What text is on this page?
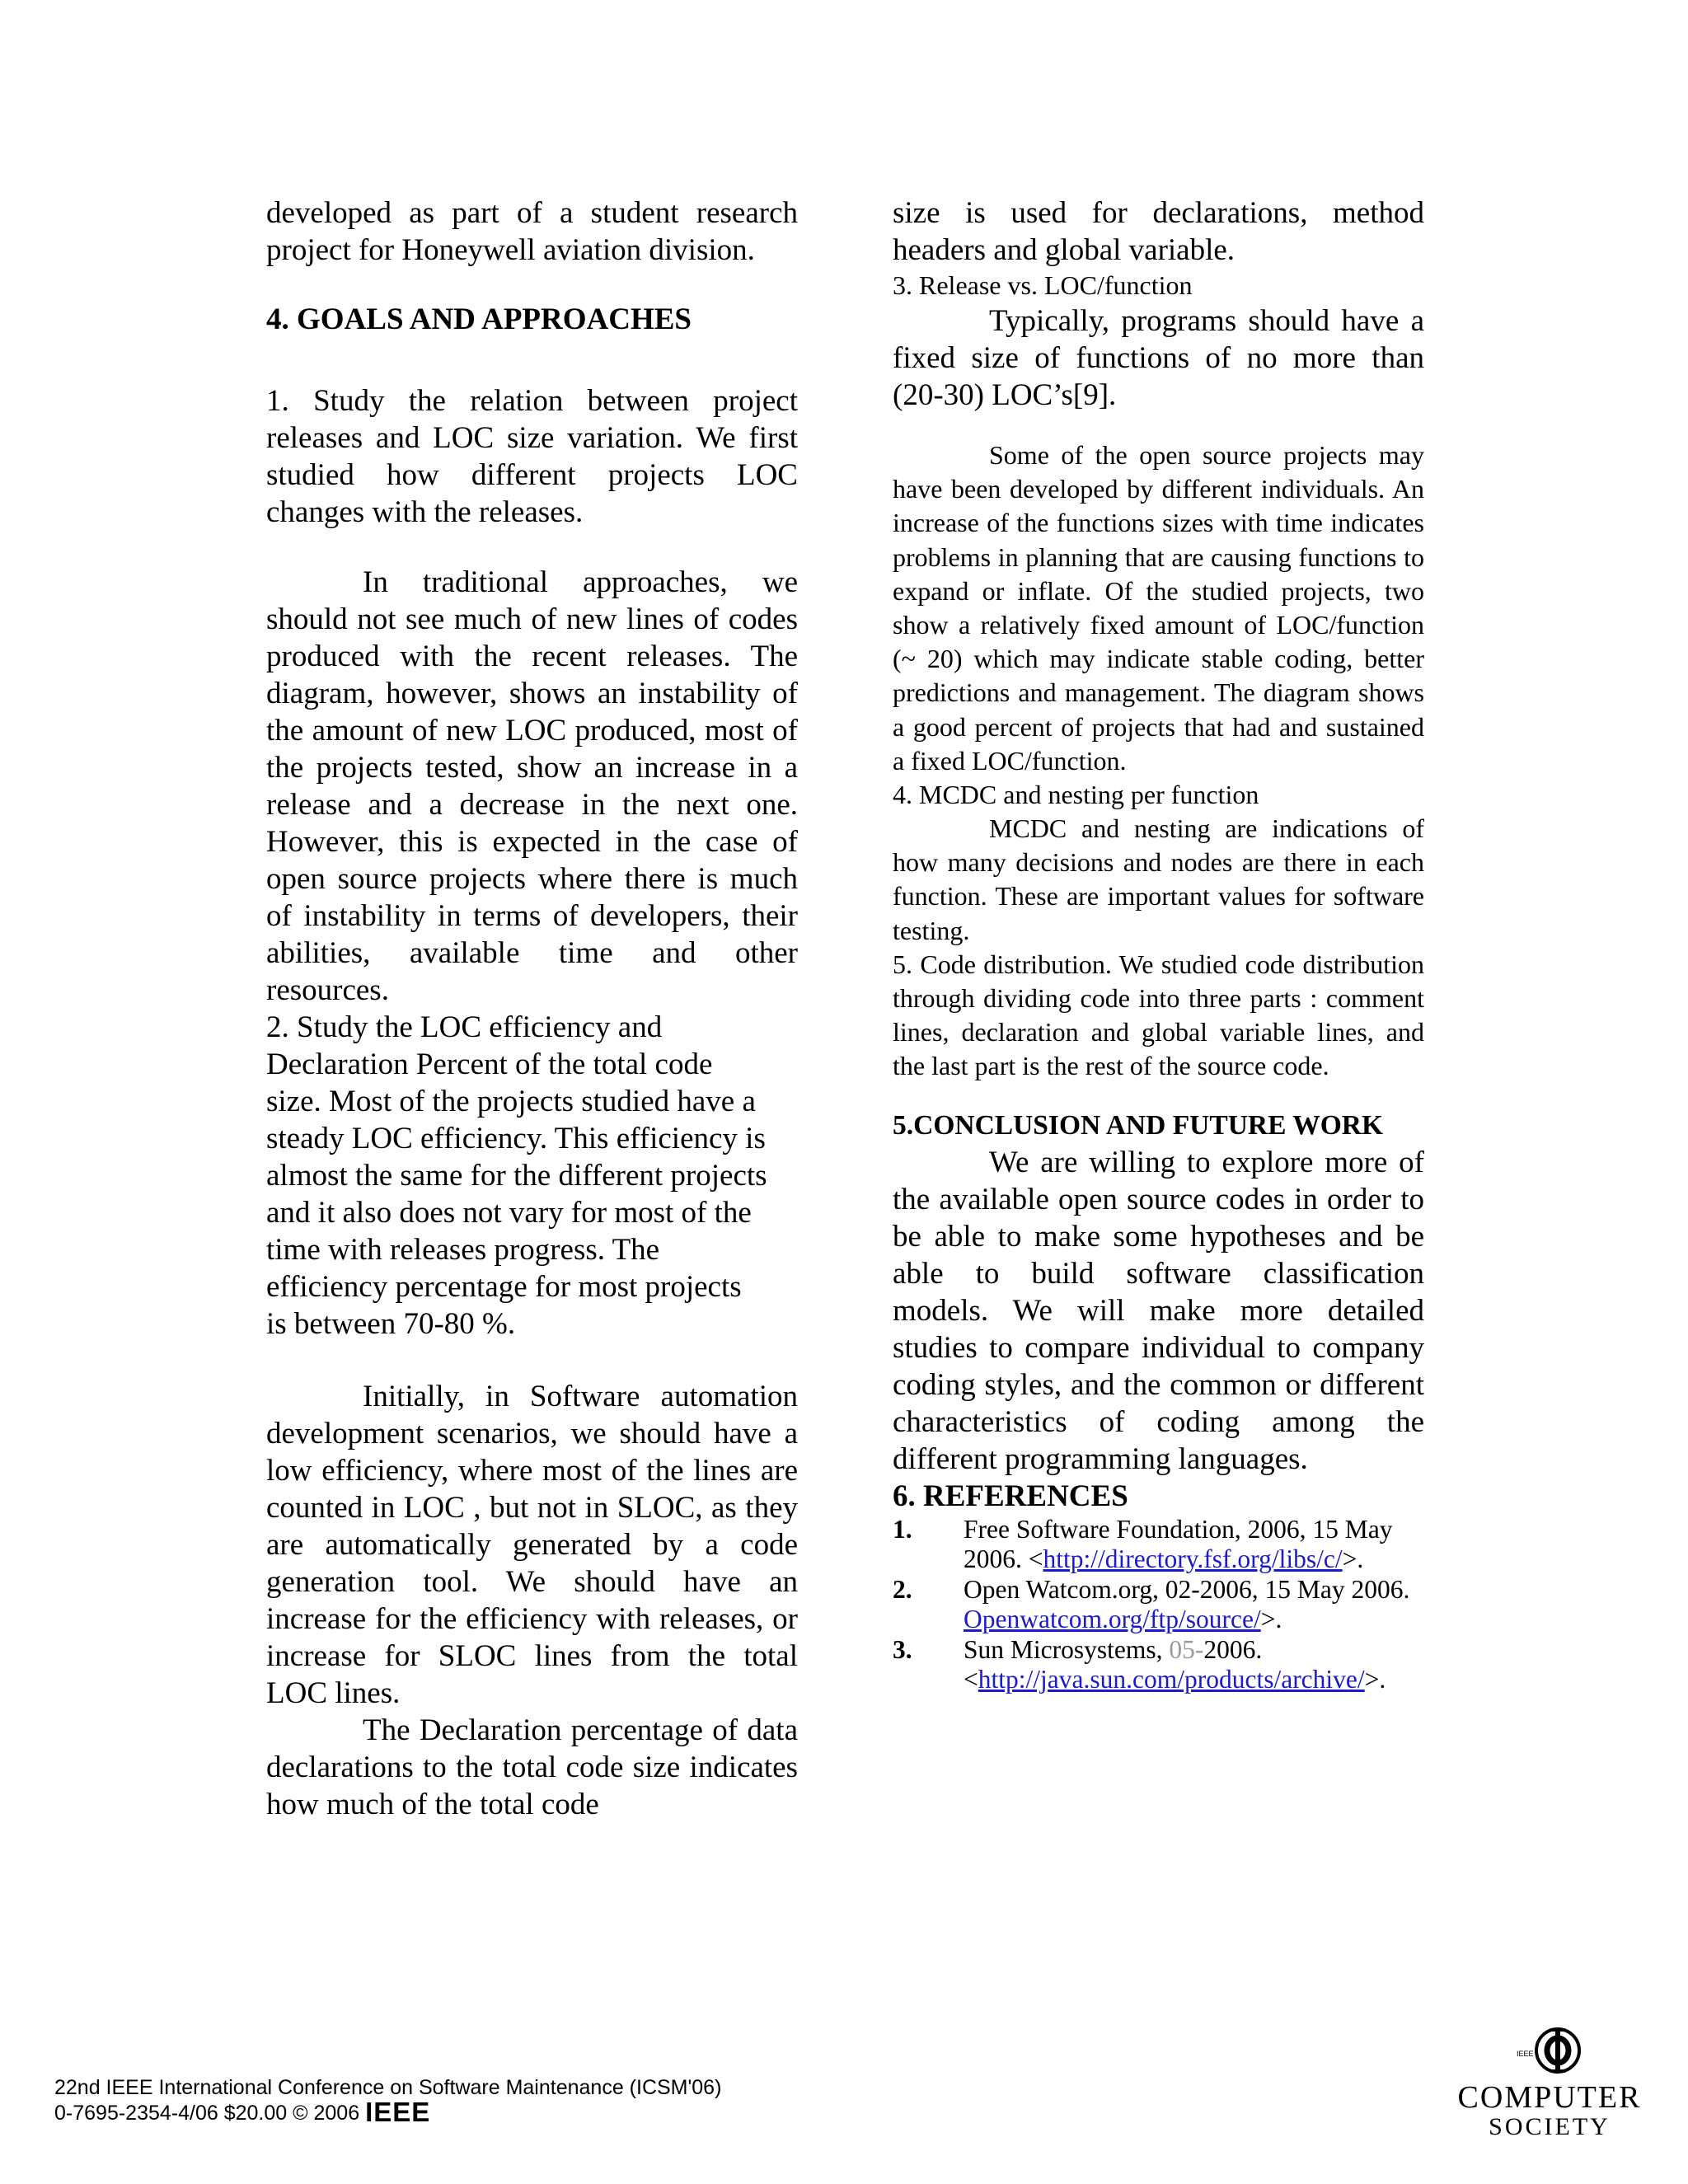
developed as part of a student research project for Honeywell aviation division.

4. GOALS AND APPROACHES

1. Study the relation between project releases and LOC size variation. We first studied how different projects LOC changes with the releases.

In traditional approaches, we should not see much of new lines of codes produced with the recent releases. The diagram, however, shows an instability of the amount of new LOC produced, most of the projects tested, show an increase in a release and a decrease in the next one. However, this is expected in the case of open source projects where there is much of instability in terms of developers, their abilities, available time and other resources.

2. Study the LOC efficiency and
Declaration Percent of the total code
size. Most of the projects studied have a
steady LOC efficiency. This efficiency is
almost the same for the different projects
and it also does not vary for most of the
time with releases progress. The
efficiency percentage for most projects
is between 70-80 %.

Initially, in Software automation development scenarios, we should have a low efficiency, where most of the lines are counted in LOC , but not in SLOC, as they are automatically generated by a code generation tool. We should have an increase for the efficiency with releases, or increase for SLOC lines from the total LOC lines.

The Declaration percentage of data declarations to the total code size indicates how much of the total code

size is used for declarations, method headers and global variable.

3. Release vs. LOC/function

Typically, programs should have a fixed size of functions of no more than (20-30) LOC’s[9].

Some of the open source projects may have been developed by different individuals. An increase of the functions sizes with time indicates problems in planning that are causing functions to expand or inflate. Of the studied projects, two show a relatively fixed amount of LOC/function (~ 20) which may indicate stable coding, better predictions and management. The diagram shows a good percent of projects that had and sustained a fixed LOC/function.

4. MCDC and nesting per function

MCDC and nesting are indications of how many decisions and nodes are there in each function. These are important values for software testing.

5. Code distribution. We studied code distribution through dividing code into three parts : comment lines, declaration and global variable lines, and the last part is the rest of the source code.

5.CONCLUSION AND FUTURE WORK

We are willing to explore more of the available open source codes in order to be able to make some hypotheses and be able to build software classification models. We will make more detailed studies to compare individual to company coding styles, and the common or different characteristics of coding among the different programming languages.

6. REFERENCES
1.	Free Software Foundation, 2006, 15 May 2006. <http://directory.fsf.org/libs/c/>.
2.	Open Watcom.org, 02-2006, 15 May 2006. Openwatcom.org/ftp/source/>.
3.	Sun Microsystems, 05-2006. <http://java.sun.com/products/archive/>.
22nd IEEE International Conference on Software Maintenance (ICSM'06)
0-7695-2354-4/06 $20.00 © 2006 IEEE
IEEE
COMPUTER
SOCIETY
